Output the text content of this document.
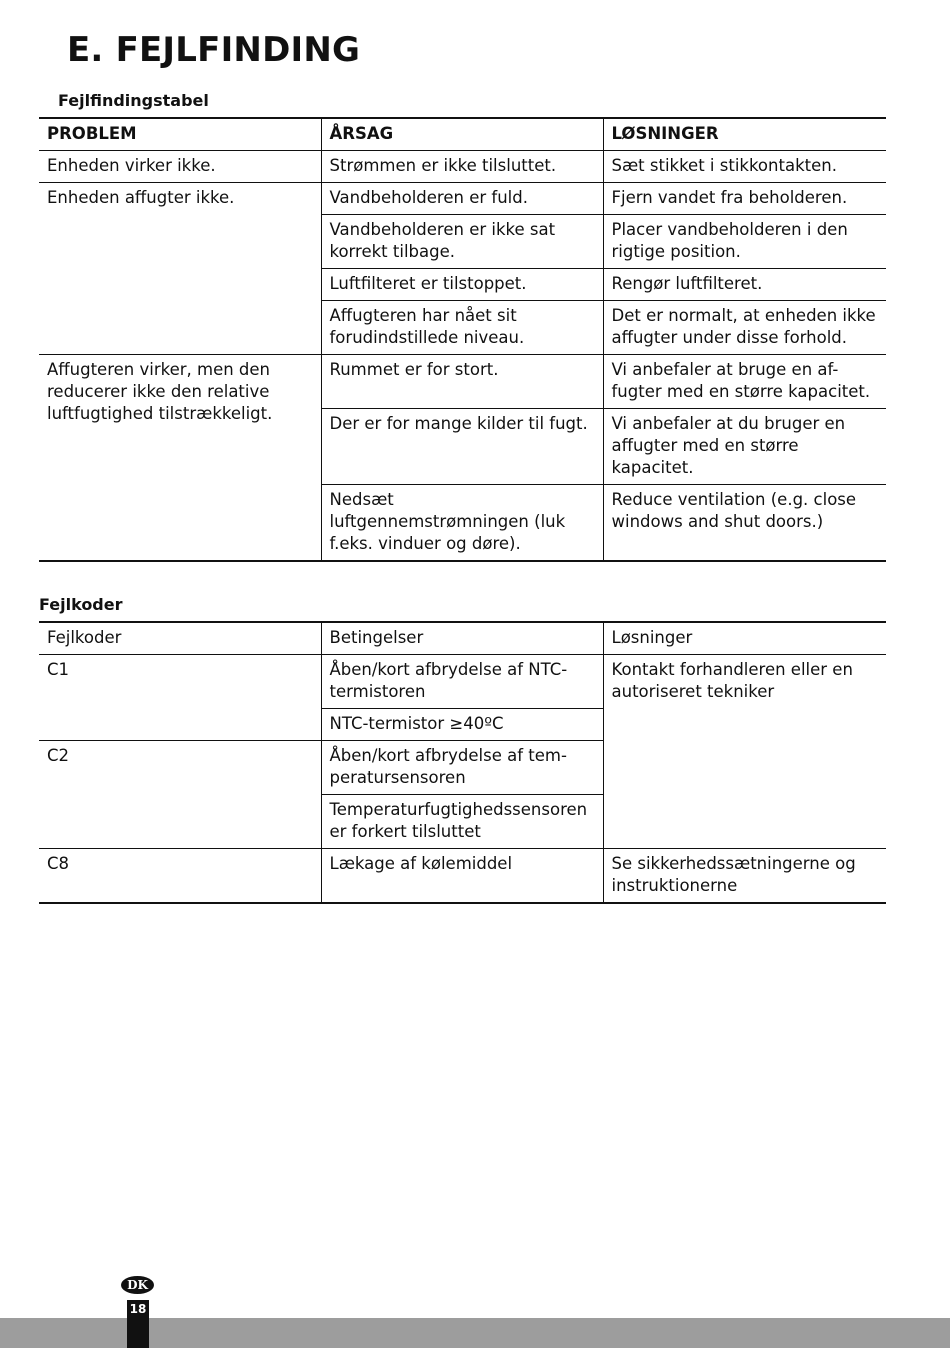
E. FEJLFINDING
Fejlfindingstabel
PROBLEM	ÅRSAG	LØSNINGER
Enheden virker ikke.	Strømmen er ikke tilsluttet.	Sæt stikket i stikkontakten.
Enheden affugter ikke.	Vandbeholderen er fuld.	Fjern vandet fra beholderen.
	Vandbeholderen er ikke sat korrekt tilbage.	Placer vandbeholderen i den rigtige position.
	Luftfilteret er tilstoppet.	Rengør luftfilteret.
	Affugteren har nået sit forudindstillede niveau.	Det er normalt, at enheden ikke affugter under disse forhold.
Affugteren virker, men den reducerer ikke den relative luftfugtighed tilstrækkeligt.	Rummet er for stort.	Vi anbefaler at bruge en af-fugter med en større kapacitet.
	Der er for mange kilder til fugt.	Vi anbefaler at du bruger en affugter med en større kapacitet.
	Nedsæt luftgennemstrømningen (luk f.eks. vinduer og døre).	Reduce ventilation (e.g. close windows and shut doors.)
Fejlkoder
Fejlkoder	Betingelser	Løsninger
C1	Åben/kort afbrydelse af NTC-termistoren	Kontakt forhandleren eller en autoriseret tekniker
	NTC-termistor ≥40ºC	
C2	Åben/kort afbrydelse af tem-peratursensoren	
	Temperaturfugtighedssensoren er forkert tilsluttet	
C8	Lækage af kølemiddel	Se sikkerhedssætningerne og instruktionerne
DK
18
